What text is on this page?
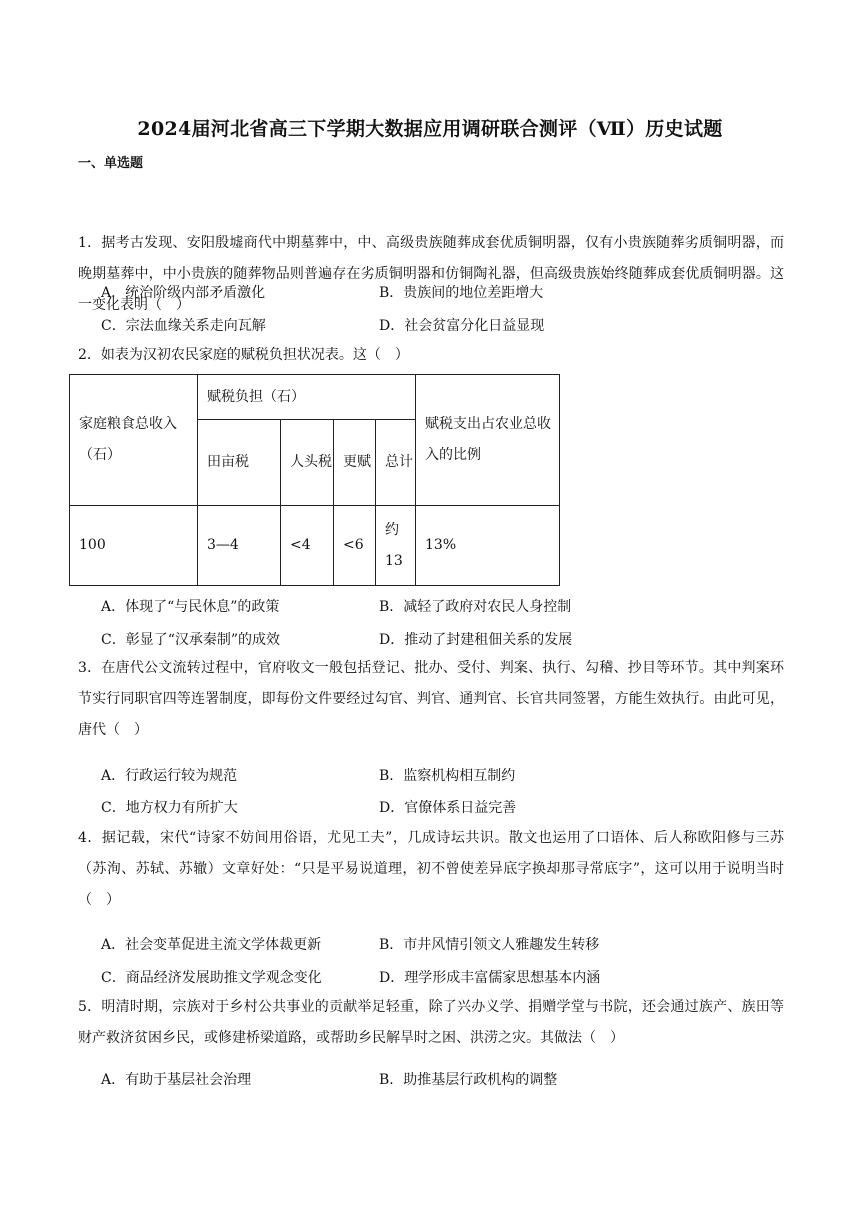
2024届河北省高三下学期大数据应用调研联合测评（Ⅶ）历史试题
一、单选题
1．据考古发现、安阳殷墟商代中期墓葬中，中、高级贵族随葬成套优质铜明器，仅有小贵族随葬劣质铜明器，而晚期墓葬中，中小贵族的随葬物品则普遍存在劣质铜明器和仿铜陶礼器，但高级贵族始终随葬成套优质铜明器。这一变化表明（　）
A．统治阶级内部矛盾激化	B．贵族间的地位差距增大
C．宗法血缘关系走向瓦解	D．社会贫富分化日益显现
2．如表为汉初农民家庭的赋税负担状况表。这（　）
家庭粮食总收入（石）	赋税负担（石）				赋税支出占农业总收入的比例
	田亩税	人头税	更赋	总计	
100	3—4	<4	<6	约13	13%
A．体现了“与民休息”的政策	B．减轻了政府对农民人身控制
C．彰显了“汉承秦制”的成效	D．推动了封建租佃关系的发展
3．在唐代公文流转过程中，官府收文一般包括登记、批办、受付、判案、执行、勾稽、抄目等环节。其中判案环节实行同职官四等连署制度，即每份文件要经过勾官、判官、通判官、长官共同签署，方能生效执行。由此可见，唐代（　）
A．行政运行较为规范	B．监察机构相互制约
C．地方权力有所扩大	D．官僚体系日益完善
4．据记载，宋代“诗家不妨间用俗语，尤见工夫”，几成诗坛共识。散文也运用了口语体、后人称欧阳修与三苏（苏洵、苏轼、苏辙）文章好处：“只是平易说道理，初不曾使差异底字换却那寻常底字”，这可以用于说明当时（　）
A．社会变革促进主流文学体裁更新	B．市井风情引领文人雅趣发生转移
C．商品经济发展助推文学观念变化	D．理学形成丰富儒家思想基本内涵
5．明清时期，宗族对于乡村公共事业的贡献举足轻重，除了兴办义学、捐赠学堂与书院，还会通过族产、族田等财产救济贫困乡民，或修建桥梁道路，或帮助乡民解旱时之困、洪涝之灾。其做法（　）
A．有助于基层社会治理	B．助推基层行政机构的调整
